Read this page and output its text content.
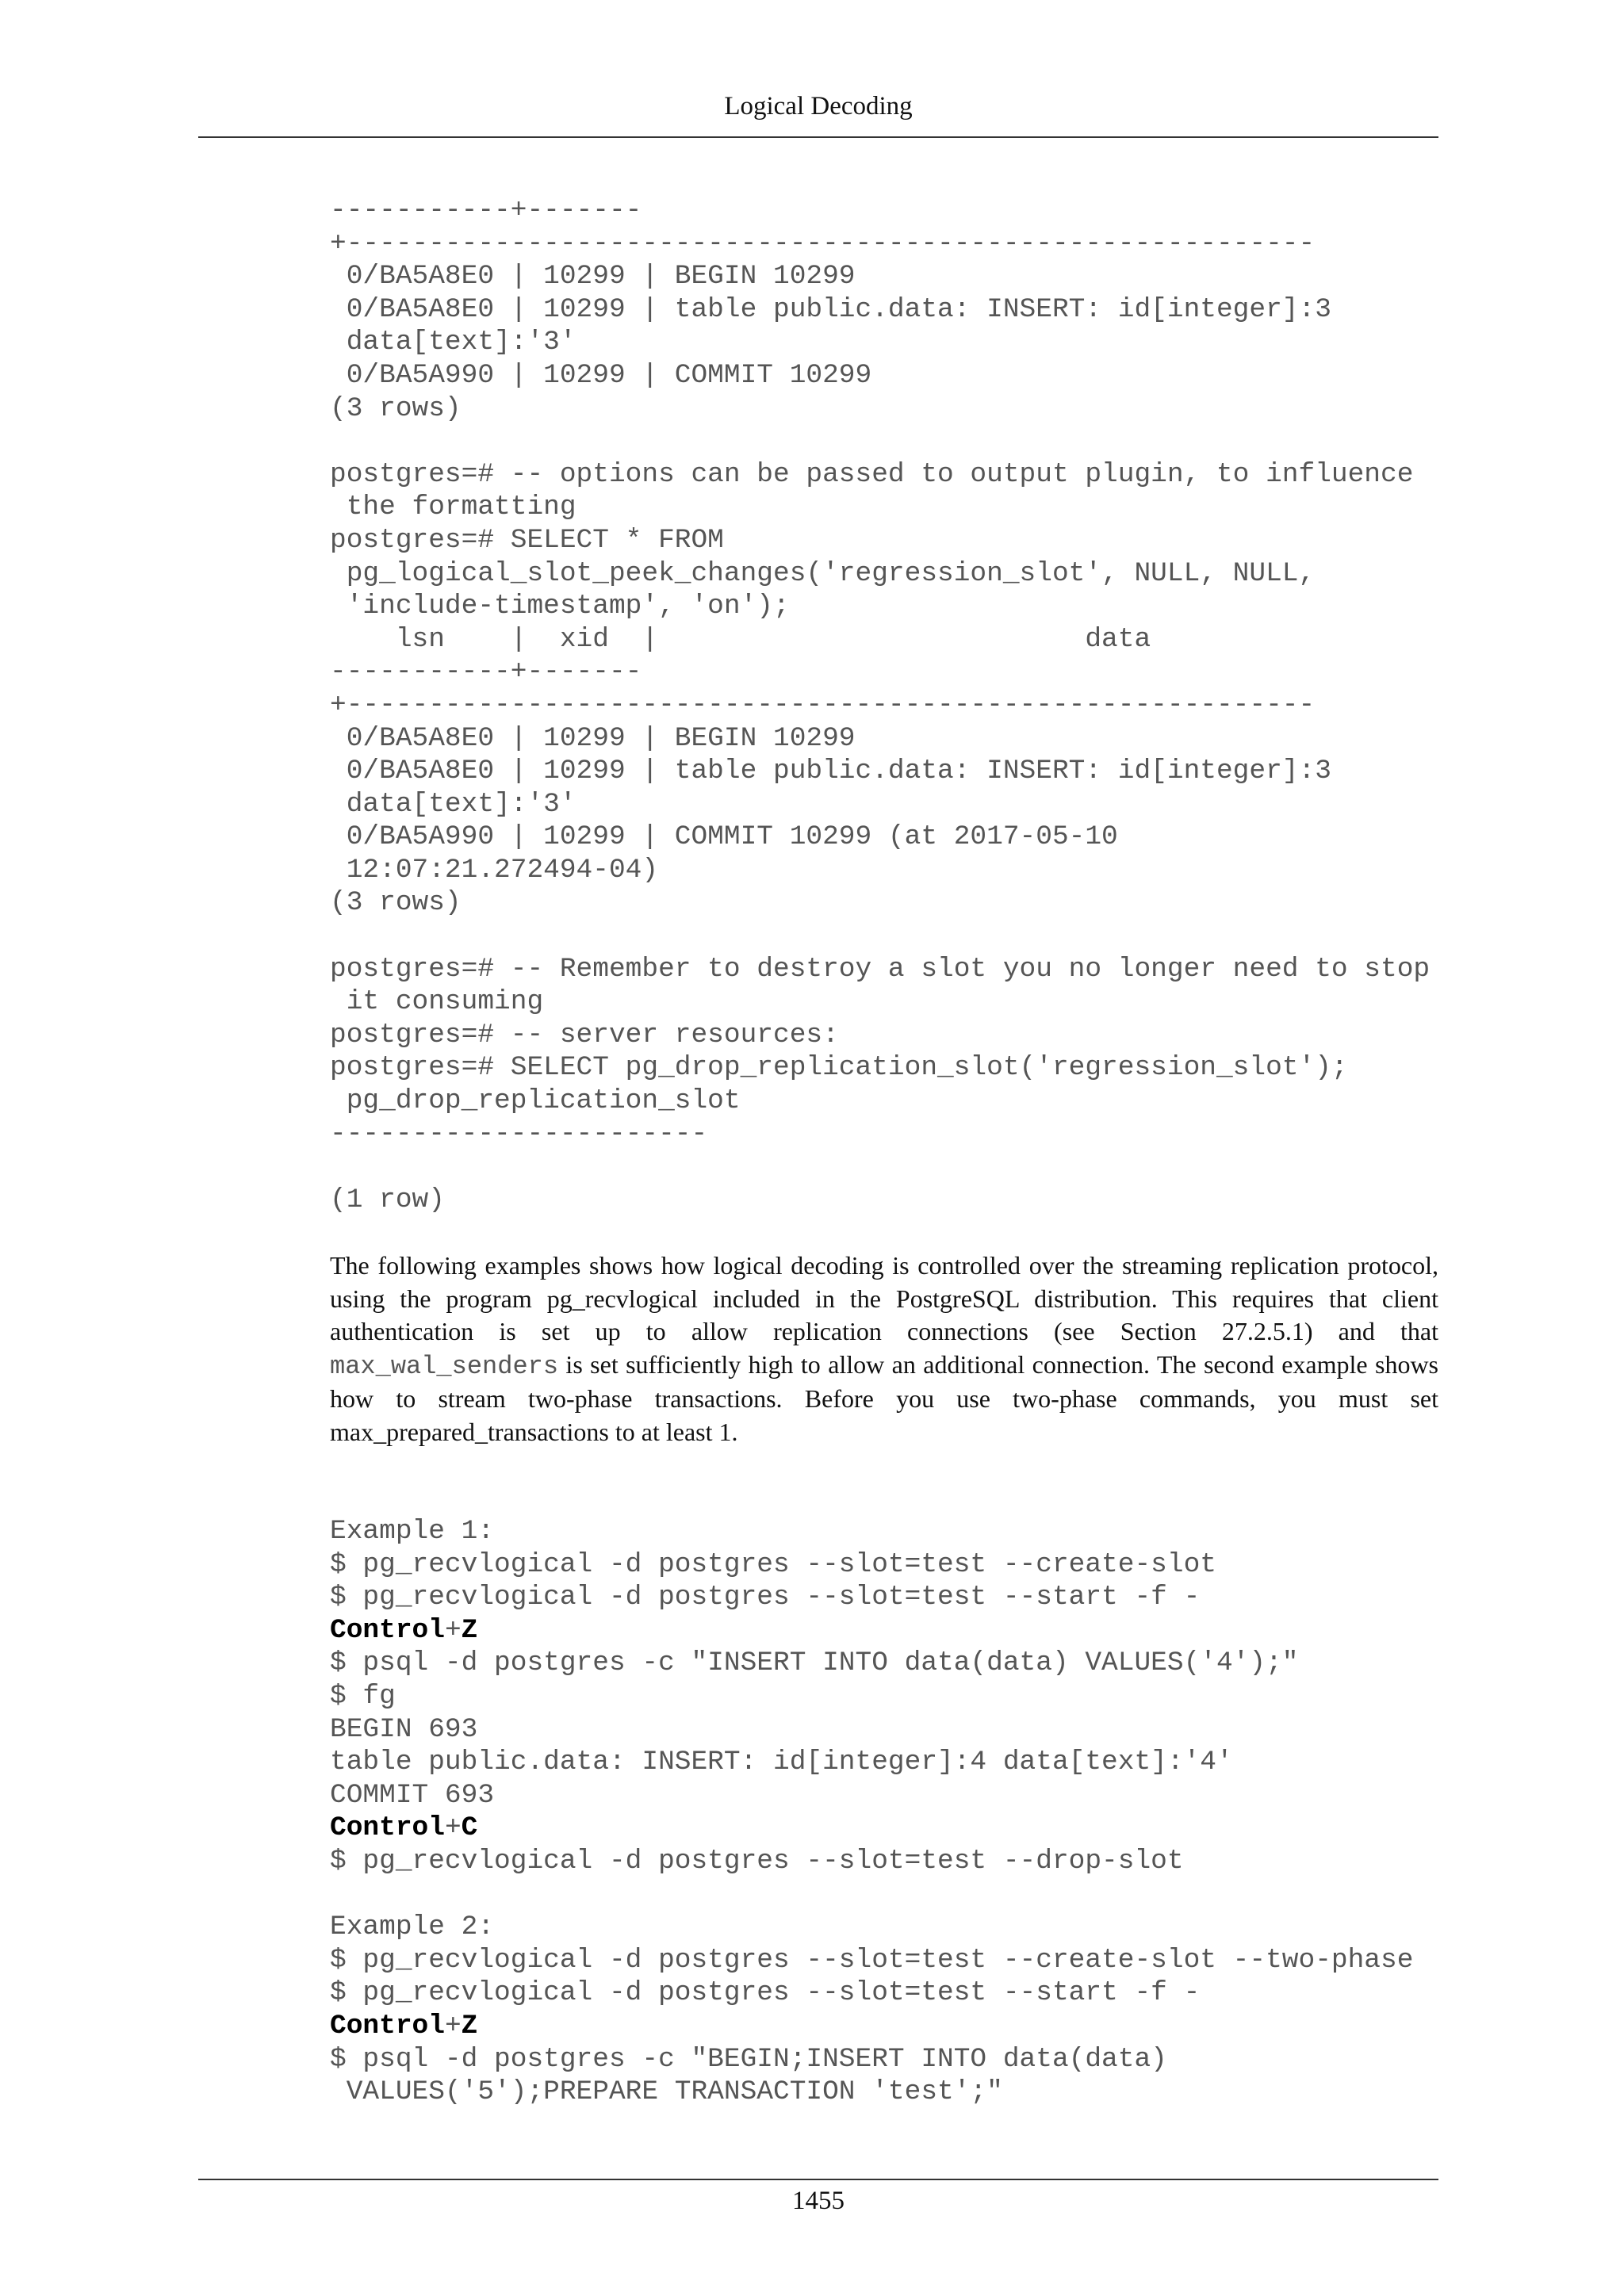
Logical Decoding
-----------+-------
+-----------------------------------------------------------
0/BA5A8E0 | 10299 | BEGIN 10299
0/BA5A8E0 | 10299 | table public.data: INSERT: id[integer]:3
data[text]:'3'
0/BA5A990 | 10299 | COMMIT 10299
(3 rows)

postgres=# -- options can be passed to output plugin, to influence
the formatting
postgres=# SELECT * FROM
pg_logical_slot_peek_changes('regression_slot', NULL, NULL,
'include-timestamp', 'on');
lsn    |  xid  |                          data
-----------+-------
+-----------------------------------------------------------
0/BA5A8E0 | 10299 | BEGIN 10299
0/BA5A8E0 | 10299 | table public.data: INSERT: id[integer]:3
data[text]:'3'
0/BA5A990 | 10299 | COMMIT 10299 (at 2017-05-10
12:07:21.272494-04)
(3 rows)

postgres=# -- Remember to destroy a slot you no longer need to stop
it consuming
postgres=# -- server resources:
postgres=# SELECT pg_drop_replication_slot('regression_slot');
pg_drop_replication_slot
-----------------------

(1 row)

The following examples shows how logical decoding is controlled over the streaming replication protocol, using the program pg_recvlogical included in the PostgreSQL distribution. This requires that client authentication is set up to allow replication connections (see Section 27.2.5.1) and that max_wal_senders is set sufficiently high to allow an additional connection. The second example shows how to stream two-phase transactions. Before you use two-phase commands, you must set max_prepared_transactions to at least 1.

Example 1:
$ pg_recvlogical -d postgres --slot=test --create-slot
$ pg_recvlogical -d postgres --slot=test --start -f -
Control+Z
$ psql -d postgres -c "INSERT INTO data(data) VALUES('4');"
$ fg
BEGIN 693
table public.data: INSERT: id[integer]:4 data[text]:'4'
COMMIT 693
Control+C
$ pg_recvlogical -d postgres --slot=test --drop-slot

Example 2:
$ pg_recvlogical -d postgres --slot=test --create-slot --two-phase
$ pg_recvlogical -d postgres --slot=test --start -f -
Control+Z
$ psql -d postgres -c "BEGIN;INSERT INTO data(data)
VALUES('5');PREPARE TRANSACTION 'test';"
1455
